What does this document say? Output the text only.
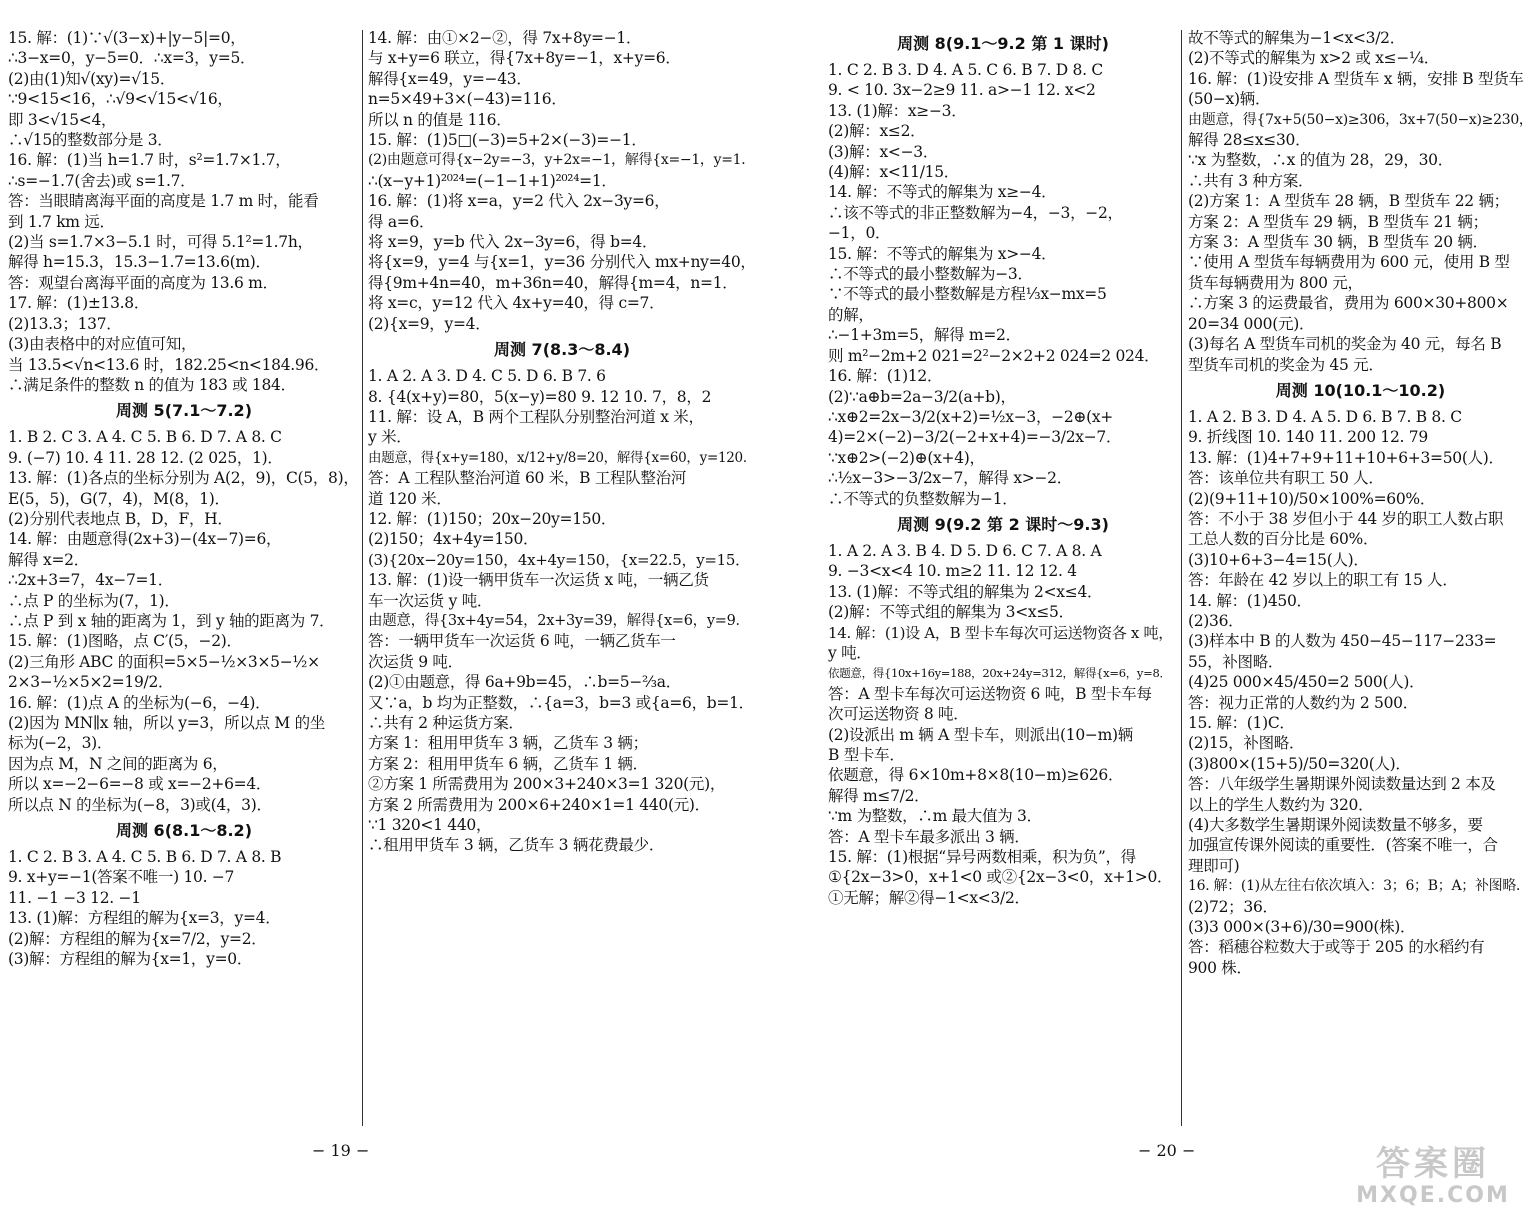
15. 解：(1)∵√(3−x)+|y−5|=0，
∴3−x=0，y−5=0．∴x=3，y=5．
(2)由(1)知√(xy)=√15．
∵9<15<16，∴√9<√15<√16，
即 3<√15<4，
∴√15的整数部分是 3．
16. 解：(1)当 h=1.7 时，s²=1.7×1.7，
∴s=−1.7(舍去)或 s=1.7．
答：当眼睛离海平面的高度是 1.7 m 时，能看
到 1.7 km 远．
(2)当 s=1.7×3−5.1 时，可得 5.1²=1.7h，
解得 h=15.3，15.3−1.7=13.6(m)．
答：观望台离海平面的高度为 13.6 m．
17. 解：(1)±13.8．
(2)13.3；137．
(3)由表格中的对应值可知，
当 13.5<√n<13.6 时，182.25<n<184.96．
∴满足条件的整数 n 的值为 183 或 184．
周测 5(7.1～7.2)
1. B 2. C 3. A 4. C 5. B 6. D 7. A 8. C
9. (−7) 10. 4 11. 28 12. (2 025，1)．
13. 解：(1)各点的坐标分别为 A(2，9)，C(5，8)，
E(5，5)，G(7，4)，M(8，1)．
(2)分别代表地点 B，D，F，H．
14. 解：由题意得(2x+3)−(4x−7)=6，
解得 x=2．
∴2x+3=7，4x−7=1．
∴点 P 的坐标为(7，1)．
∴点 P 到 x 轴的距离为 1，到 y 轴的距离为 7．
15. 解：(1)图略，点 C′(5，−2)．
(2)三角形 ABC 的面积=5×5−½×3×5−½×
2×3−½×5×2=19/2．
16. 解：(1)点 A 的坐标为(−6，−4)．
(2)因为 MN∥x 轴，所以 y=3，所以点 M 的坐
标为(−2，3)．
因为点 M，N 之间的距离为 6，
所以 x=−2−6=−8 或 x=−2+6=4．
所以点 N 的坐标为(−8，3)或(4，3)．
周测 6(8.1～8.2)
1. C 2. B 3. A 4. C 5. B 6. D 7. A 8. B
9. x+y=−1(答案不唯一) 10. −7
11. −1 −3 12. −1
13. (1)解：方程组的解为{x=3，y=4．
(2)解：方程组的解为{x=7/2，y=2．
(3)解：方程组的解为{x=1，y=0．
14. 解：由①×2−②，得 7x+8y=−1．
与 x+y=6 联立，得{7x+8y=−1，x+y=6．
解得{x=49，y=−43．
n=5×49+3×(−43)=116．
所以 n 的值是 116．
15. 解：(1)5□(−3)=5+2×(−3)=−1．
(2)由题意可得{x−2y=−3，y+2x=−1，解得{x=−1，y=1．
∴(x−y+1)²⁰²⁴=(−1−1+1)²⁰²⁴=1．
16. 解：(1)将 x=a，y=2 代入 2x−3y=6，
得 a=6．
将 x=9，y=b 代入 2x−3y=6，得 b=4．
将{x=9，y=4 与{x=1，y=36 分别代入 mx+ny=40，
得{9m+4n=40，m+36n=40，解得{m=4，n=1．
将 x=c，y=12 代入 4x+y=40，得 c=7．
(2){x=9，y=4．
周测 7(8.3～8.4)
1. A 2. A 3. D 4. C 5. D 6. B 7. 6
8. {4(x+y)=80，5(x−y)=80 9. 12 10. 7，8，2
11. 解：设 A，B 两个工程队分别整治河道 x 米，
y 米．
由题意，得{x+y=180，x/12+y/8=20，解得{x=60，y=120．
答：A 工程队整治河道 60 米，B 工程队整治河
道 120 米．
12. 解：(1)150；20x−20y=150．
(2)150；4x+4y=150．
(3){20x−20y=150，4x+4y=150，{x=22.5，y=15．
13. 解：(1)设一辆甲货车一次运货 x 吨，一辆乙货
车一次运货 y 吨．
由题意，得{3x+4y=54，2x+3y=39，解得{x=6，y=9．
答：一辆甲货车一次运货 6 吨，一辆乙货车一
次运货 9 吨．
(2)①由题意，得 6a+9b=45，∴b=5−⅔a．
又∵a，b 均为正整数，∴{a=3，b=3 或{a=6，b=1．
∴共有 2 种运货方案．
方案 1：租用甲货车 3 辆，乙货车 3 辆；
方案 2：租用甲货车 6 辆，乙货车 1 辆．
②方案 1 所需费用为 200×3+240×3=1 320(元)，
方案 2 所需费用为 200×6+240×1=1 440(元)．
∵1 320<1 440，
∴租用甲货车 3 辆，乙货车 3 辆花费最少．
− 19 −
周测 8(9.1～9.2 第 1 课时)
1. C 2. B 3. D 4. A 5. C 6. B 7. D 8. C
9. < 10. 3x−2≥9 11. a>−1 12. x<2
13. (1)解：x≥−3．
(2)解：x≤2．
(3)解：x<−3．
(4)解：x<11/15．
14. 解：不等式的解集为 x≥−4．
∴该不等式的非正整数解为−4，−3，−2，
−1，0．
15. 解：不等式的解集为 x>−4．
∴不等式的最小整数解为−3．
∵不等式的最小整数解是方程⅓x−mx=5
的解，
∴−1+3m=5，解得 m=2．
则 m²−2m+2 021=2²−2×2+2 024=2 024．
16. 解：(1)12．
(2)∵a⊕b=2a−3/2(a+b)，
∴x⊕2=2x−3/2(x+2)=½x−3，−2⊕(x+
4)=2×(−2)−3/2(−2+x+4)=−3/2x−7．
∵x⊕2>(−2)⊕(x+4)，
∴½x−3>−3/2x−7，解得 x>−2．
∴不等式的负整数解为−1．
周测 9(9.2 第 2 课时～9.3)
1. A 2. A 3. B 4. D 5. D 6. C 7. A 8. A
9. −3<x<4 10. m≥2 11. 12 12. 4
13. (1)解：不等式组的解集为 2<x≤4．
(2)解：不等式组的解集为 3<x≤5．
14. 解：(1)设 A，B 型卡车每次可运送物资各 x 吨，
y 吨．
依题意，得{10x+16y=188，20x+24y=312，解得{x=6，y=8．
答：A 型卡车每次可运送物资 6 吨，B 型卡车每
次可运送物资 8 吨．
(2)设派出 m 辆 A 型卡车，则派出(10−m)辆
B 型卡车．
依题意，得 6×10m+8×8(10−m)≥626．
解得 m≤7/2．
∵m 为整数，∴m 最大值为 3．
答：A 型卡车最多派出 3 辆．
15. 解：(1)根据“异号两数相乘，积为负”，得
①{2x−3>0，x+1<0 或②{2x−3<0，x+1>0．
①无解；解②得−1<x<3/2．
故不等式的解集为−1<x<3/2．
(2)不等式的解集为 x>2 或 x≤−¼．
16. 解：(1)设安排 A 型货车 x 辆，安排 B 型货车
(50−x)辆．
由题意，得{7x+5(50−x)≥306，3x+7(50−x)≥230，
解得 28≤x≤30．
∵x 为整数，∴x 的值为 28，29，30．
∴共有 3 种方案．
(2)方案 1：A 型货车 28 辆，B 型货车 22 辆；
方案 2：A 型货车 29 辆，B 型货车 21 辆；
方案 3：A 型货车 30 辆，B 型货车 20 辆．
∵使用 A 型货车每辆费用为 600 元，使用 B 型
货车每辆费用为 800 元，
∴方案 3 的运费最省，费用为 600×30+800×
20=34 000(元)．
(3)每名 A 型货车司机的奖金为 40 元，每名 B
型货车司机的奖金为 45 元．
周测 10(10.1～10.2)
1. A 2. B 3. D 4. A 5. D 6. B 7. B 8. C
9. 折线图 10. 140 11. 200 12. 79
13. 解：(1)4+7+9+11+10+6+3=50(人)．
答：该单位共有职工 50 人．
(2)(9+11+10)/50×100%=60%．
答：不小于 38 岁但小于 44 岁的职工人数占职
工总人数的百分比是 60%．
(3)10+6+3−4=15(人)．
答：年龄在 42 岁以上的职工有 15 人．
14. 解：(1)450．
(2)36．
(3)样本中 B 的人数为 450−45−117−233=
55，补图略．
(4)25 000×45/450=2 500(人)．
答：视力正常的人数约为 2 500．
15. 解：(1)C．
(2)15，补图略．
(3)800×(15+5)/50=320(人)．
答：八年级学生暑期课外阅读数量达到 2 本及
以上的学生人数约为 320．
(4)大多数学生暑期课外阅读数量不够多，要
加强宣传课外阅读的重要性．(答案不唯一，合
理即可)
16. 解：(1)从左往右依次填入：3；6；B；A；补图略．
(2)72；36．
(3)3 000×(3+6)/30=900(株)．
答：稻穗谷粒数大于或等于 205 的水稻约有
900 株．
− 20 −	答案圈
MXQE.COM
